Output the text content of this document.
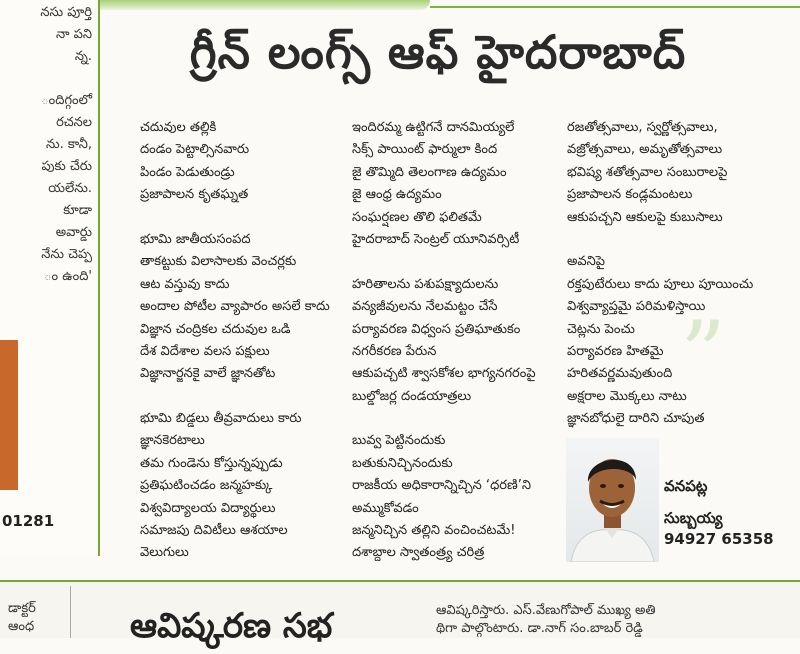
నసు పూర్తి
నా పని
న్న.

ందిగ్గంలో
రచనల
ను. కానీ,
పుకు చేరు
యలేను.
కూడా
అవార్డు
నేను చెప్ప
ం ఉంది'
01281
గ్రీన్ లంగ్స్ ఆఫ్ హైదరాబాద్
చదువుల తల్లికి
దండం పెట్టాల్సినవారు
పిండం పెడుతుండ్రు
ప్రజాపాలన కృతఘ్నత
భూమి జాతీయసంపద
తాకట్టుకు విలాసాలకు వెంచర్లకు
ఆట వస్తువు కాదు
అందాల పోటీల వ్యాపారం అసలే కాదు
విజ్ఞాన చంద్రికల చదువుల ఒడి
దేశ విదేశాల వలస పక్షులు
విజ్ఞానార్జనకై వాలే జ్ఞానతోట
భూమి బిడ్డలు తీవ్రవాదులు కారు
జ్ఞానకెరటాలు
తమ గుండెను కోస్తున్నప్పుడు
ప్రతిఘటించడం జన్మహక్కు
విశ్వవిద్యాలయ విద్యార్థులు
సమాజపు దివిటీలు ఆశయాల
వెలుగులు
ఇందిరమ్మ ఉట్టిగనే దానమియ్యలే
సిక్స్ పాయింట్ ఫార్ములా కింద
జై తొమ్మిది తెలంగాణ ఉద్యమం
జై ఆంధ్ర ఉద్యమం
సంఘర్షణల తొలి ఫలితమే
హైదరాబాద్ సెంట్రల్ యూనివర్సిటీ
హరితాలను పశుపక్ష్యాదులను
వన్యజీవులను నేలమట్టం చేసే
పర్యావరణ విధ్వంస ప్రతిఘాతుకం
నగరీకరణ పేరున
ఆకుపచ్చటి శ్వాసకోశల భాగ్యనగరంపై
బుల్డోజర్ల దండయాత్రలు
బువ్వ పెట్టినందుకు
బతుకునిచ్చినందుకు
రాజకీయ అధికారాన్నిచ్చిన ‘ధరణి’ని
అమ్ముకోవడం
జన్మనిచ్చిన తల్లిని వంచించటమే!
దశాబ్దాల స్వాతంత్ర్య చరిత్ర
రజతోత్సవాలు, స్వర్ణోత్సవాలు,
వజ్రోత్సవాలు, అమృతోత్సవాలు
భవిష్య శతోత్సవాల సంబురాలపై
ప్రజాపాలన కండ్లమంటలు
ఆకుపచ్చని ఆకులపై కుబుసాలు
అవనిపై
రక్తపుటేరులు కాదు పూలు పూయించు
విశ్వవ్యాప్తమై పరిమళిస్తాయి
చెట్లను పెంచు
పర్యావరణ హితమై
హరితవర్ణమవుతుంది
అక్షరాల మొక్కలు నాటు
జ్ఞానబోధులై దారిని చూపుత
”
వనపట్ల
సుబ్బయ్య
94927 65358
డాక్టర్
ఆంధ	ఆవిష్కరణ సభ	ఆవిష్కరిస్తారు. ఎస్.వేణుగోపాల్ ముఖ్య అతి
థిగా పాల్గొంటారు. డా.నాగ్ సం.బాబర్ రెడ్డి
